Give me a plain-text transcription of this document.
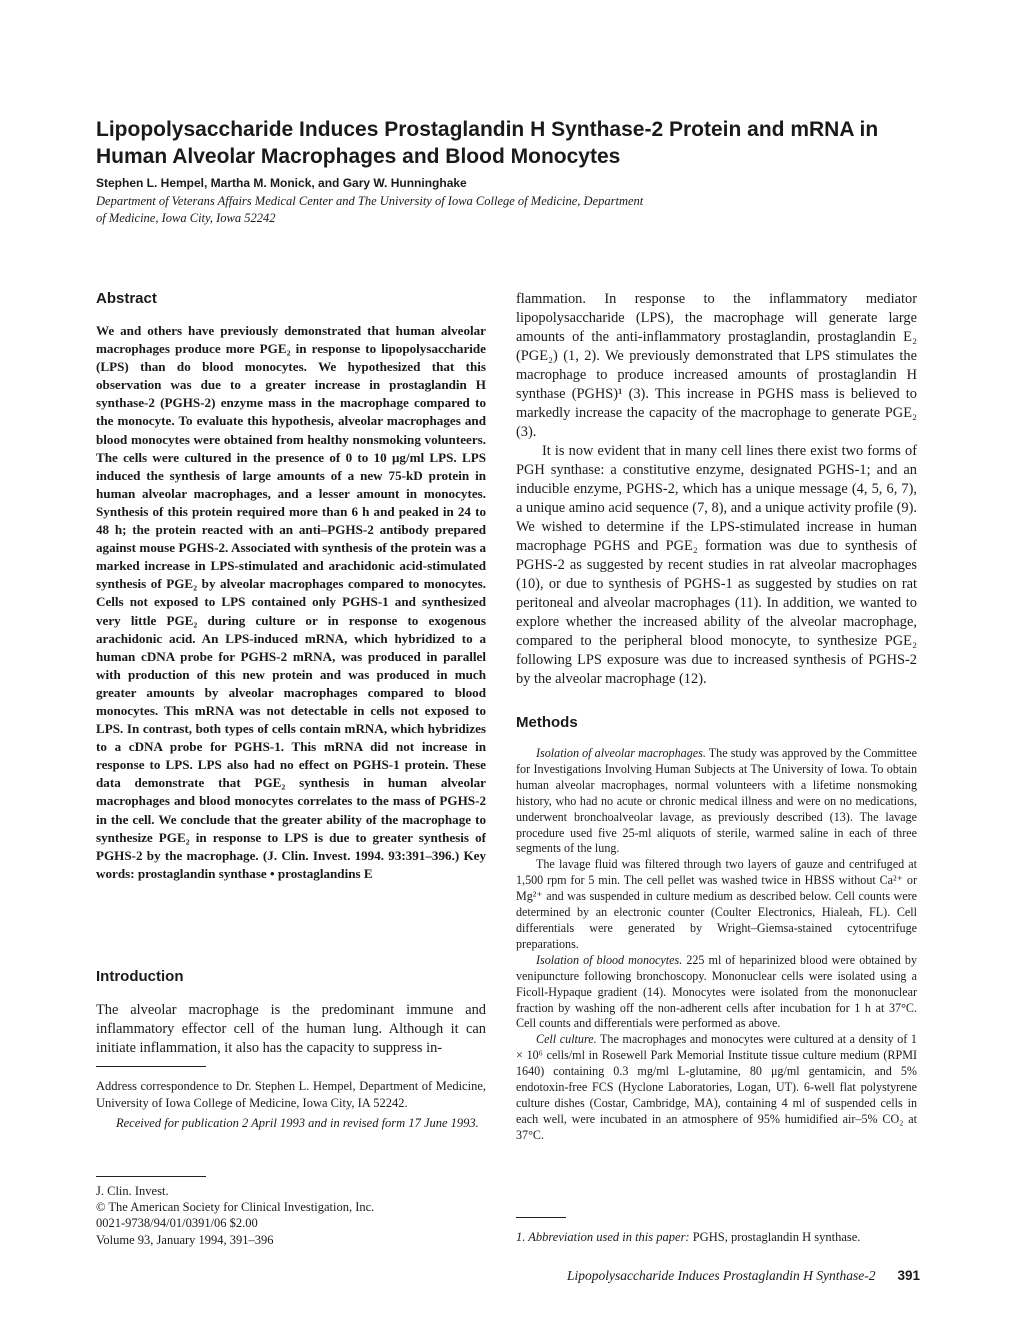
Lipopolysaccharide Induces Prostaglandin H Synthase-2 Protein and mRNA in Human Alveolar Macrophages and Blood Monocytes

Stephen L. Hempel, Martha M. Monick, and Gary W. Hunninghake

Department of Veterans Affairs Medical Center and The University of Iowa College of Medicine, Department of Medicine, Iowa City, Iowa 52242

Abstract

We and others have previously demonstrated that human alveolar macrophages produce more PGE₂ in response to lipopolysaccharide (LPS) than do blood monocytes. We hypothesized that this observation was due to a greater increase in prostaglandin H synthase-2 (PGHS-2) enzyme mass in the macrophage compared to the monocyte. To evaluate this hypothesis, alveolar macrophages and blood monocytes were obtained from healthy nonsmoking volunteers. The cells were cultured in the presence of 0 to 10 μg/ml LPS. LPS induced the synthesis of large amounts of a new 75-kD protein in human alveolar macrophages, and a lesser amount in monocytes. Synthesis of this protein required more than 6 h and peaked in 24 to 48 h; the protein reacted with an anti–PGHS-2 antibody prepared against mouse PGHS-2. Associated with synthesis of the protein was a marked increase in LPS-stimulated and arachidonic acid-stimulated synthesis of PGE₂ by alveolar macrophages compared to monocytes. Cells not exposed to LPS contained only PGHS-1 and synthesized very little PGE₂ during culture or in response to exogenous arachidonic acid. An LPS-induced mRNA, which hybridized to a human cDNA probe for PGHS-2 mRNA, was produced in parallel with production of this new protein and was produced in much greater amounts by alveolar macrophages compared to blood monocytes. This mRNA was not detectable in cells not exposed to LPS. In contrast, both types of cells contain mRNA, which hybridizes to a cDNA probe for PGHS-1. This mRNA did not increase in response to LPS. LPS also had no effect on PGHS-1 protein. These data demonstrate that PGE₂ synthesis in human alveolar macrophages and blood monocytes correlates to the mass of PGHS-2 in the cell. We conclude that the greater ability of the macrophage to synthesize PGE₂ in response to LPS is due to greater synthesis of PGHS-2 by the macrophage. (J. Clin. Invest. 1994. 93:391–396.) Key words: prostaglandin synthase • prostaglandins E

Introduction

The alveolar macrophage is the predominant immune and inflammatory effector cell of the human lung. Although it can initiate inflammation, it also has the capacity to suppress in-

Address correspondence to Dr. Stephen L. Hempel, Department of Medicine, University of Iowa College of Medicine, Iowa City, IA 52242.

Received for publication 2 April 1993 and in revised form 17 June 1993.

J. Clin. Invest.

© The American Society for Clinical Investigation, Inc.

0021-9738/94/01/0391/06 $2.00

Volume 93, January 1994, 391–396

flammation. In response to the inflammatory mediator lipopolysaccharide (LPS), the macrophage will generate large amounts of the anti-inflammatory prostaglandin, prostaglandin E₂ (PGE₂) (1, 2). We previously demonstrated that LPS stimulates the macrophage to produce increased amounts of prostaglandin H synthase (PGHS)¹ (3). This increase in PGHS mass is believed to markedly increase the capacity of the macrophage to generate PGE₂ (3).

It is now evident that in many cell lines there exist two forms of PGH synthase: a constitutive enzyme, designated PGHS-1; and an inducible enzyme, PGHS-2, which has a unique message (4, 5, 6, 7), a unique amino acid sequence (7, 8), and a unique activity profile (9). We wished to determine if the LPS-stimulated increase in human macrophage PGHS and PGE₂ formation was due to synthesis of PGHS-2 as suggested by recent studies in rat alveolar macrophages (10), or due to synthesis of PGHS-1 as suggested by studies on rat peritoneal and alveolar macrophages (11). In addition, we wanted to explore whether the increased ability of the alveolar macrophage, compared to the peripheral blood monocyte, to synthesize PGE₂ following LPS exposure was due to increased synthesis of PGHS-2 by the alveolar macrophage (12).

Methods

Isolation of alveolar macrophages. The study was approved by the Committee for Investigations Involving Human Subjects at The University of Iowa. To obtain human alveolar macrophages, normal volunteers with a lifetime nonsmoking history, who had no acute or chronic medical illness and were on no medications, underwent bronchoalveolar lavage, as previously described (13). The lavage procedure used five 25-ml aliquots of sterile, warmed saline in each of three segments of the lung.

The lavage fluid was filtered through two layers of gauze and centrifuged at 1,500 rpm for 5 min. The cell pellet was washed twice in HBSS without Ca²⁺ or Mg²⁺ and was suspended in culture medium as described below. Cell counts were determined by an electronic counter (Coulter Electronics, Hialeah, FL). Cell differentials were generated by Wright–Giemsa-stained cytocentrifuge preparations.

Isolation of blood monocytes. 225 ml of heparinized blood were obtained by venipuncture following bronchoscopy. Mononuclear cells were isolated using a Ficoll-Hypaque gradient (14). Monocytes were isolated from the mononuclear fraction by washing off the non-adherent cells after incubation for 1 h at 37°C. Cell counts and differentials were performed as above.

Cell culture. The macrophages and monocytes were cultured at a density of 1 × 10⁶ cells/ml in Rosewell Park Memorial Institute tissue culture medium (RPMI 1640) containing 0.3 mg/ml L-glutamine, 80 μg/ml gentamicin, and 5% endotoxin-free FCS (Hyclone Laboratories, Logan, UT). 6-well flat polystyrene culture dishes (Costar, Cambridge, MA), containing 4 ml of suspended cells in each well, were incubated in an atmosphere of 95% humidified air–5% CO₂ at 37°C.

1. Abbreviation used in this paper: PGHS, prostaglandin H synthase.

Lipopolysaccharide Induces Prostaglandin H Synthase-2 391
